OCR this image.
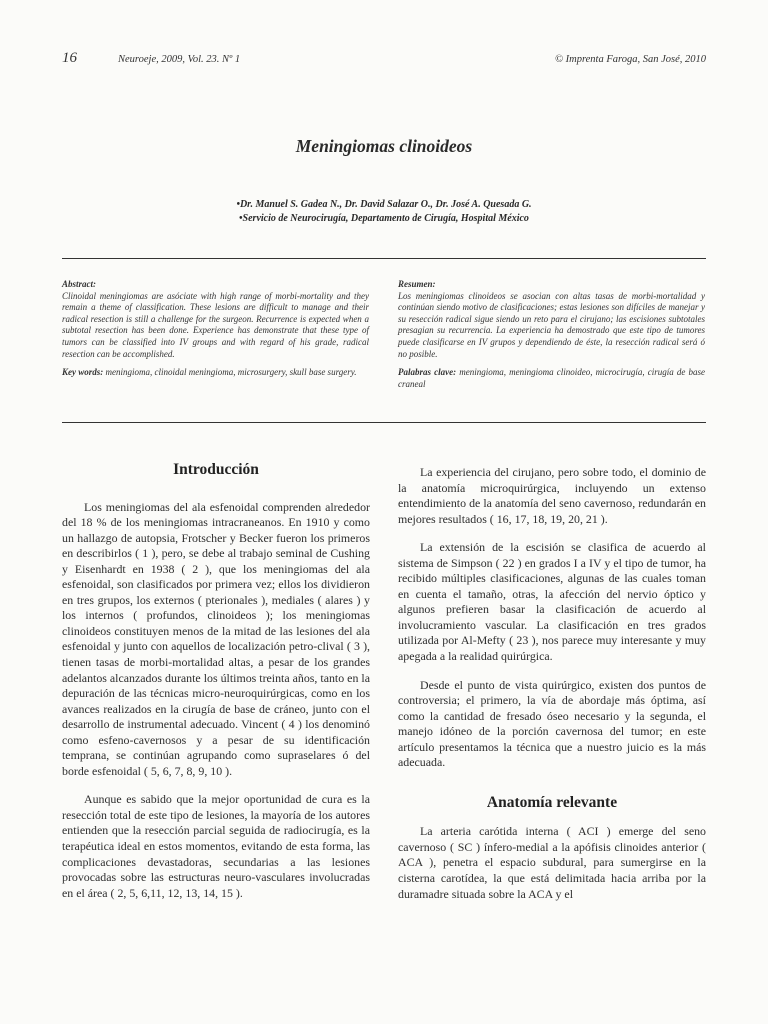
16	Neuroeje, 2009, Vol. 23. Nº 1	© Imprenta Faroga, San José, 2010
Meningiomas clinoideos
•Dr. Manuel S. Gadea N., Dr. David Salazar O., Dr. José A. Quesada G.
•Servicio de Neurocirugía, Departamento de Cirugía, Hospital México
Abstract:

Clinoidal meningiomas are asóciate with high range of morbi-mortality and they remain a theme of classification. These lesions are difficult to manage and their radical resection is still a challenge for the surgeon. Recurrence is expected when a subtotal resection has been done. Experience has demonstrate that these type of tumors can be classified into IV groups and with regard of his grade, radical resection can be accomplished.

Key words: meningioma, clinoidal meningioma, microsurgery, skull base surgery.

Resumen:

Los meningiomas clinoideos se asocian con altas tasas de morbi-mortalidad y continúan siendo motivo de clasificaciones; estas lesiones son difíciles de manejar y su resección radical sigue siendo un reto para el cirujano; las escisiones subtotales presagian su recurrencia. La experiencia ha demostrado que este tipo de tumores puede clasificarse en IV grupos y dependiendo de éste, la resección radical será ó no posible.

Palabras clave: meningioma, meningioma clinoideo, microcirugía, cirugía de base craneal

Introducción

Los meningiomas del ala esfenoidal comprenden alrededor del 18 % de los meningiomas intracraneanos. En 1910 y como un hallazgo de autopsia, Frotscher y Becker fueron los primeros en describirlos ( 1 ), pero, se debe al trabajo seminal de Cushing y Eisenhardt en 1938 ( 2 ), que los meningiomas del ala esfenoidal, son clasificados por primera vez; ellos los dividieron en tres grupos, los externos ( pterionales ), mediales ( alares ) y los internos ( profundos, clinoideos ); los meningiomas clinoideos constituyen menos de la mitad de las lesiones del ala esfenoidal y junto con aquellos de localización petro-clival ( 3 ), tienen tasas de morbi-mortalidad altas, a pesar de los grandes adelantos alcanzados durante los últimos treinta años, tanto en la depuración de las técnicas micro-neuroquirúrgicas, como en los avances realizados en la cirugía de base de cráneo, junto con el desarrollo de instrumental adecuado. Vincent ( 4 ) los denominó como esfeno-cavernosos y a pesar de su identificación temprana, se continúan agrupando como supraselares ó del borde esfenoidal ( 5, 6, 7, 8, 9, 10 ).

Aunque es sabido que la mejor oportunidad de cura es la resección total de este tipo de lesiones, la mayoría de los autores entienden que la resección parcial seguida de radiocirugía, es la terapéutica ideal en estos momentos, evitando de esta forma, las complicaciones devastadoras, secundarias a las lesiones provocadas sobre las estructuras neuro-vasculares involucradas en el área ( 2, 5, 6,11, 12, 13, 14, 15 ).

La experiencia del cirujano, pero sobre todo, el dominio de la anatomía microquirúrgica, incluyendo un extenso entendimiento de la anatomía del seno cavernoso, redundarán en mejores resultados ( 16, 17, 18, 19, 20, 21 ).

La extensión de la escisión se clasifica de acuerdo al sistema de Simpson ( 22 ) en grados I a IV y el tipo de tumor, ha recibido múltiples clasificaciones, algunas de las cuales toman en cuenta el tamaño, otras, la afección del nervio óptico y algunos prefieren basar la clasificación de acuerdo al involucramiento vascular. La clasificación en tres grados utilizada por Al-Mefty ( 23 ), nos parece muy interesante y muy apegada a la realidad quirúrgica.

Desde el punto de vista quirúrgico, existen dos puntos de controversia; el primero, la vía de abordaje más óptima, así como la cantidad de fresado óseo necesario y la segunda, el manejo idóneo de la porción cavernosa del tumor; en este artículo presentamos la técnica que a nuestro juicio es la más adecuada.

Anatomía relevante

La arteria carótida interna ( ACI ) emerge del seno cavernoso ( SC ) ínfero-medial a la apófisis clinoides anterior ( ACA ), penetra el espacio subdural, para sumergirse en la cisterna carotídea, la que está delimitada hacia arriba por la duramadre situada sobre la ACA y el
